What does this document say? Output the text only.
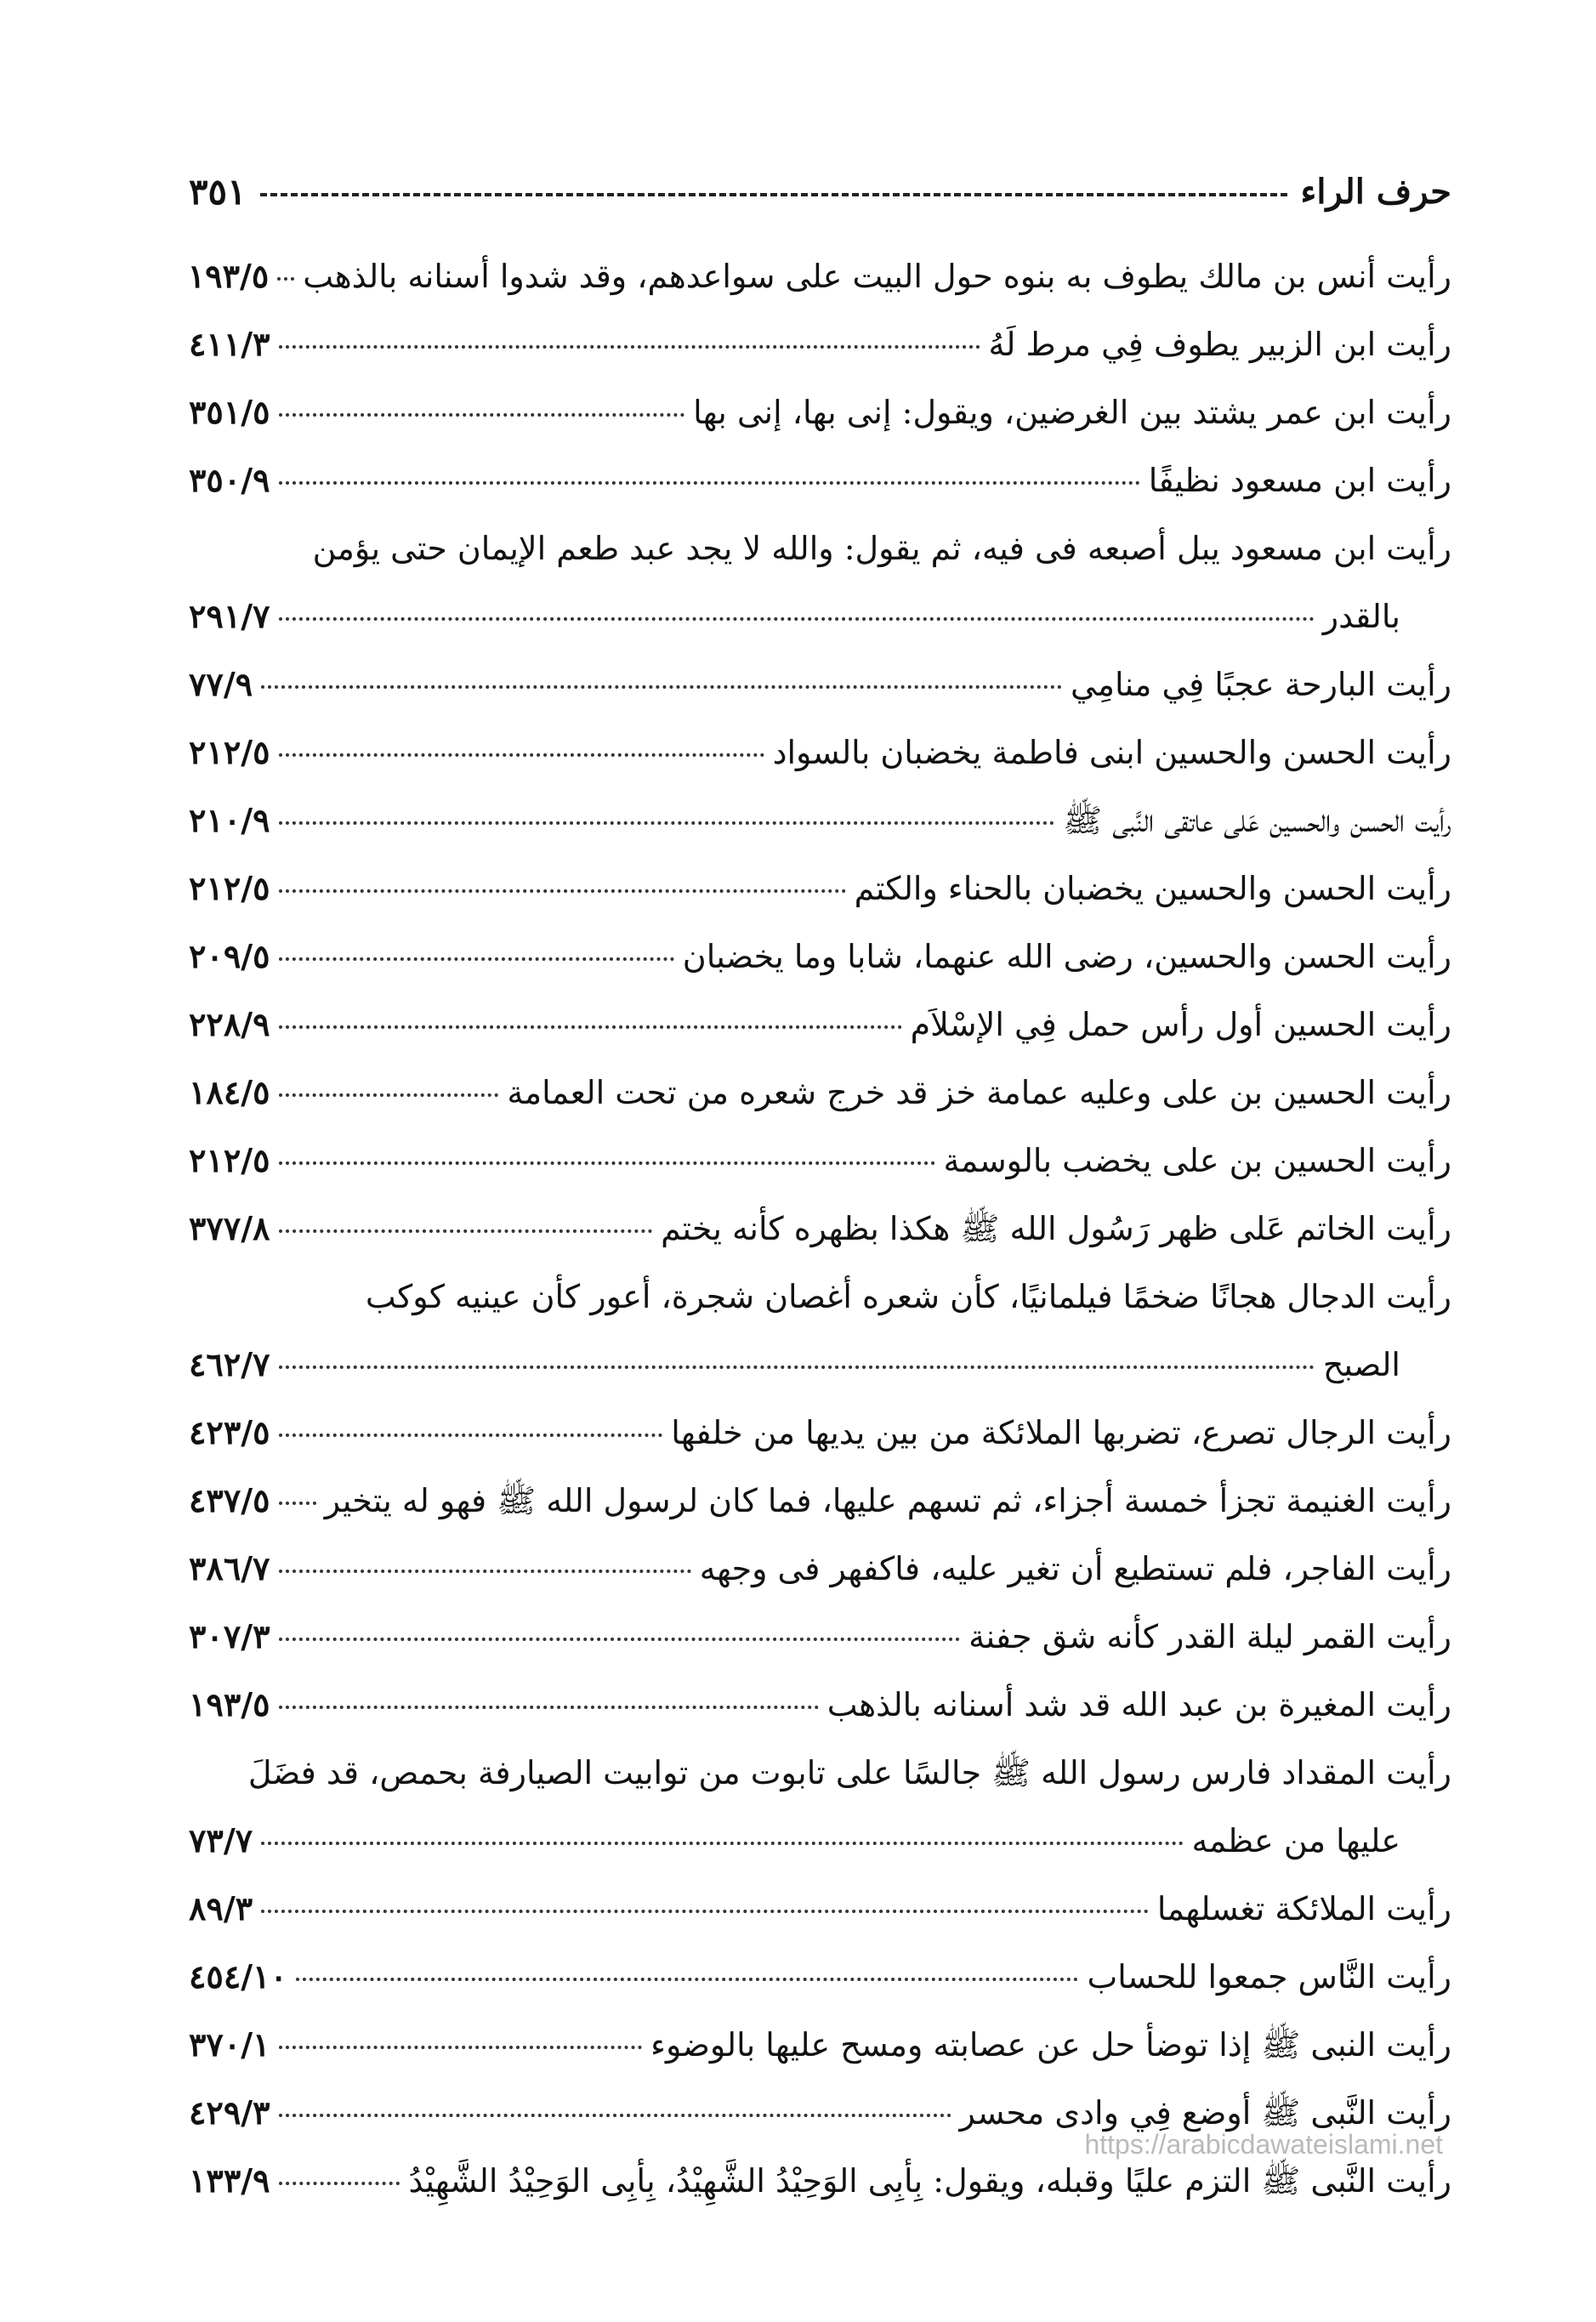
حرف الراء
٣٥١
رأيت أنس بن مالك يطوف به بنوه حول البيت على سواعدهم، وقد شدوا أسنانه بالذهب
١٩٣/٥
رأيت ابن الزبير يطوف فِي مرط لَهُ
٤١١/٣
رأيت ابن عمر يشتد بين الغرضين، ويقول: إنى بها، إنى بها
٣٥١/٥
رأيت ابن مسعود نظيفًا
٣٥٠/٩
رأيت ابن مسعود يبل أصبعه فى فيه، ثم يقول: والله لا يجد عبد طعم الإيمان حتى يؤمن
بالقدر
٢٩١/٧
رأيت البارحة عجبًا فِي منامِي
٧٧/٩
رأيت الحسن والحسين ابنى فاطمة يخضبان بالسواد
٢١٢/٥
رأيت الحسن والحسين عَلى عاتقى النَّبى ﷺ
٢١٠/٩
رأيت الحسن والحسين يخضبان بالحناء والكتم
٢١٢/٥
رأيت الحسن والحسين، رضى الله عنهما، شابا وما يخضبان
٢٠٩/٥
رأيت الحسين أول رأس حمل فِي الإسْلاَم
٢٢٨/٩
رأيت الحسين بن على وعليه عمامة خز قد خرج شعره من تحت العمامة
١٨٤/٥
رأيت الحسين بن على يخضب بالوسمة
٢١٢/٥
رأيت الخاتم عَلى ظهر رَسُول الله ﷺ هكذا بظهره كأنه يختم
٣٧٧/٨
رأيت الدجال هجانًا ضخمًا فيلمانيًا، كأن شعره أغصان شجرة، أعور كأن عينيه كوكب
الصبح
٤٦٢/٧
رأيت الرجال تصرع، تضربها الملائكة من بين يديها من خلفها
٤٢٣/٥
رأيت الغنيمة تجزأ خمسة أجزاء، ثم تسهم عليها، فما كان لرسول الله ﷺ فهو له يتخير
٤٣٧/٥
رأيت الفاجر، فلم تستطيع أن تغير عليه، فاكفهر فى وجهه
٣٨٦/٧
رأيت القمر ليلة القدر كأنه شق جفنة
٣٠٧/٣
رأيت المغيرة بن عبد الله قد شد أسنانه بالذهب
١٩٣/٥
رأيت المقداد فارس رسول الله ﷺ جالسًا على تابوت من توابيت الصيارفة بحمص، قد فضَلَ
عليها من عظمه
٧٣/٧
رأيت الملائكة تغسلهما
٨٩/٣
رأيت النَّاس جمعوا للحساب
٤٥٤/١٠
رأيت النبى ﷺ إذا توضأ حل عن عصابته ومسح عليها بالوضوء
٣٧٠/١
رأيت النَّبى ﷺ أوضع فِي وادى محسر
٤٢٩/٣
رأيت النَّبى ﷺ التزم عليًا وقبله، ويقول: بِأبِى الوَحِيْدُ الشَّهِيْدُ، بِأبِى الوَحِيْدُ الشَّهِيْدُ
١٣٣/٩
https://arabicdawateislami.net
